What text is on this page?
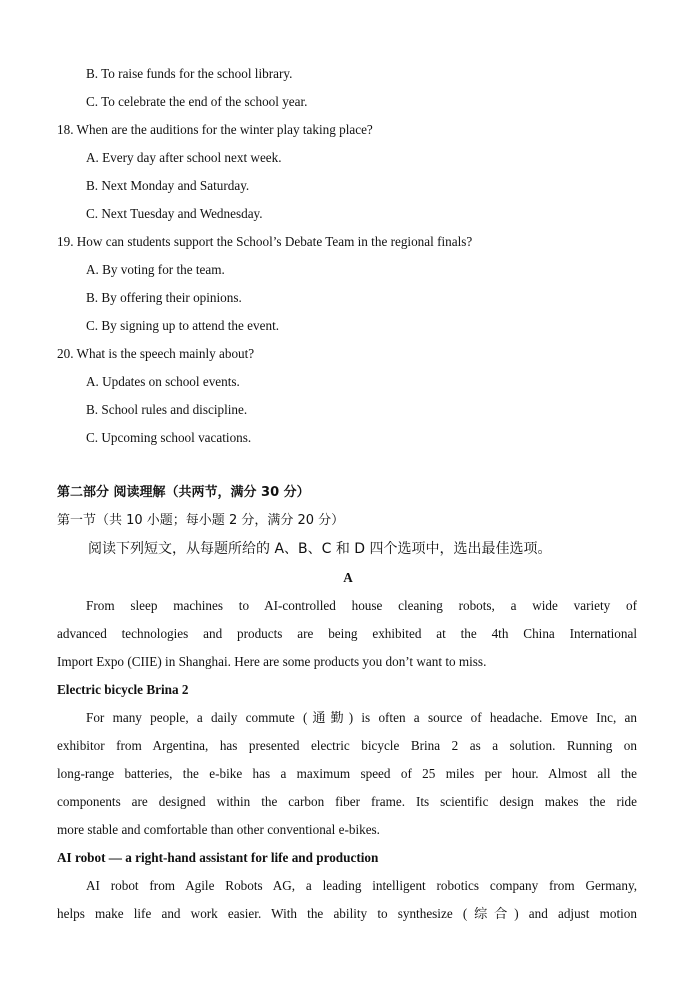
B. To raise funds for the school library.
C. To celebrate the end of the school year.
18. When are the auditions for the winter play taking place?
A. Every day after school next week.
B. Next Monday and Saturday.
C. Next Tuesday and Wednesday.
19. How can students support the School’s Debate Team in the regional finals?
A. By voting for the team.
B. By offering their opinions.
C. By signing up to attend the event.
20. What is the speech mainly about?
A. Updates on school events.
B. School rules and discipline.
C. Upcoming school vacations.
第二部分 阅读理解（共两节，满分 30 分）
第一节（共 10 小题；每小题 2 分，满分 20 分）
阅读下列短文，从每题所给的 A、B、C 和 D 四个选项中，选出最佳选项。
A
From sleep machines to AI-controlled house cleaning robots, a wide variety of
advanced technologies and products are being exhibited at the 4th China International
Import Expo (CIIE) in Shanghai. Here are some products you don’t want to miss.
Electric bicycle Brina 2
For many people, a daily commute (通勤) is often a source of headache. Emove Inc, an
exhibitor from Argentina, has presented electric bicycle Brina 2 as a solution. Running on
long-range batteries, the e-bike has a maximum speed of 25 miles per hour. Almost all the
components are designed within the carbon fiber frame. Its scientific design makes the ride
more stable and comfortable than other conventional e-bikes.
AI robot — a right-hand assistant for life and production
AI robot from Agile Robots AG, a leading intelligent robotics company from Germany,
helps make life and work easier. With the ability to synthesize (综合) and adjust motion
